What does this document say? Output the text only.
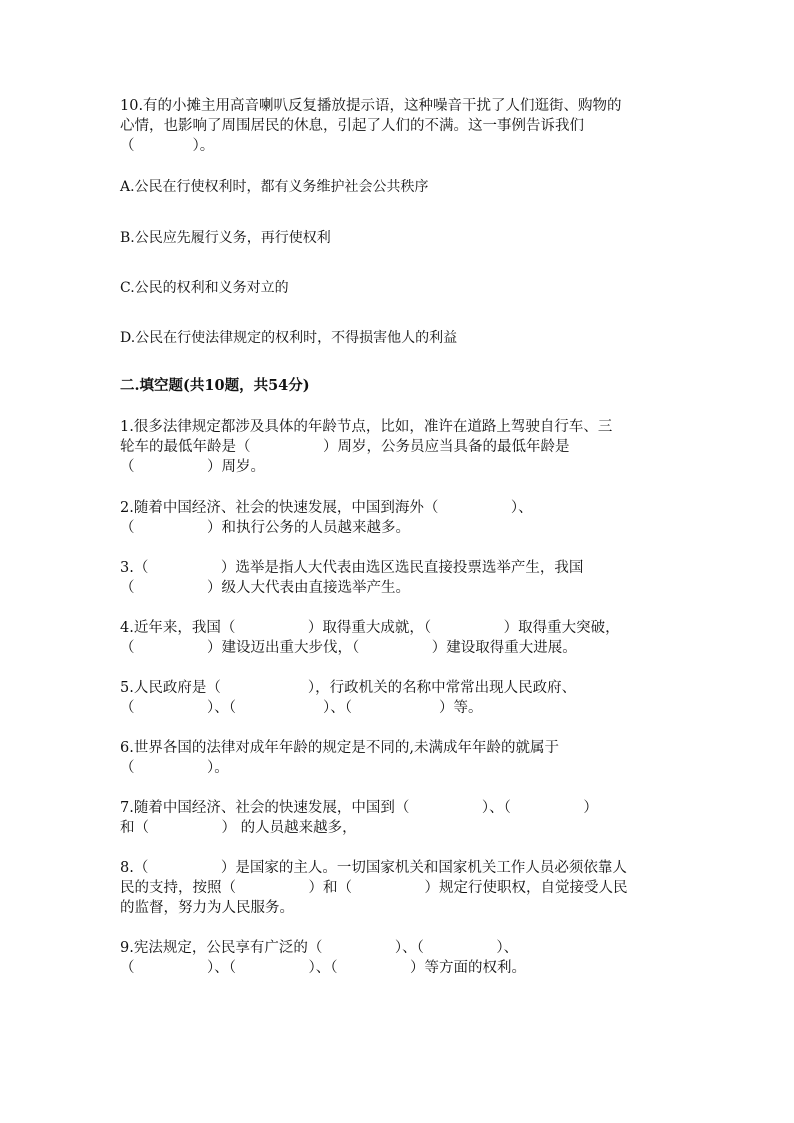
10.有的小摊主用高音喇叭反复播放提示语，这种噪音干扰了人们逛街、购物的
心情，也影响了周围居民的休息，引起了人们的不满。这一事例告诉我们
（　　　　）。
A.公民在行使权利时，都有义务维护社会公共秩序
B.公民应先履行义务，再行使权利
C.公民的权利和义务对立的
D.公民在行使法律规定的权利时，不得损害他人的利益
二.填空题(共10题，共54分)
1.很多法律规定都涉及具体的年龄节点，比如，准许在道路上驾驶自行车、三
轮车的最低年龄是（　　　　　）周岁，公务员应当具备的最低年龄是
（　　　　　）周岁。
2.随着中国经济、社会的快速发展，中国到海外（　　　　　）、
（　　　　　）和执行公务的人员越来越多。
3.（　　　　　）选举是指人大代表由选区选民直接投票选举产生，我国
（　　　　　）级人大代表由直接选举产生。
4.近年来，我国（　　　　　）取得重大成就，（　　　　　）取得重大突破，
（　　　　　）建设迈出重大步伐，（　　　　　）建设取得重大进展。
5.人民政府是（　　　　　　），行政机关的名称中常常出现人民政府、
（　　　　　）、（　　　　　　）、（　　　　　　）等。
6.世界各国的法律对成年年龄的规定是不同的,未满成年年龄的就属于
（　　　　　）。
7.随着中国经济、社会的快速发展，中国到（　　　　　）、（　　　　　）
和（　　　　　） 的人员越来越多，
8.（　　　　　）是国家的主人。一切国家机关和国家机关工作人员必须依靠人
民的支持，按照（　　　　　）和（　　　　　）规定行使职权，自觉接受人民
的监督，努力为人民服务。
9.宪法规定，公民享有广泛的（　　　　　）、（　　　　　）、
（　　　　　）、（　　　　　）、（　　　　　）等方面的权利。
